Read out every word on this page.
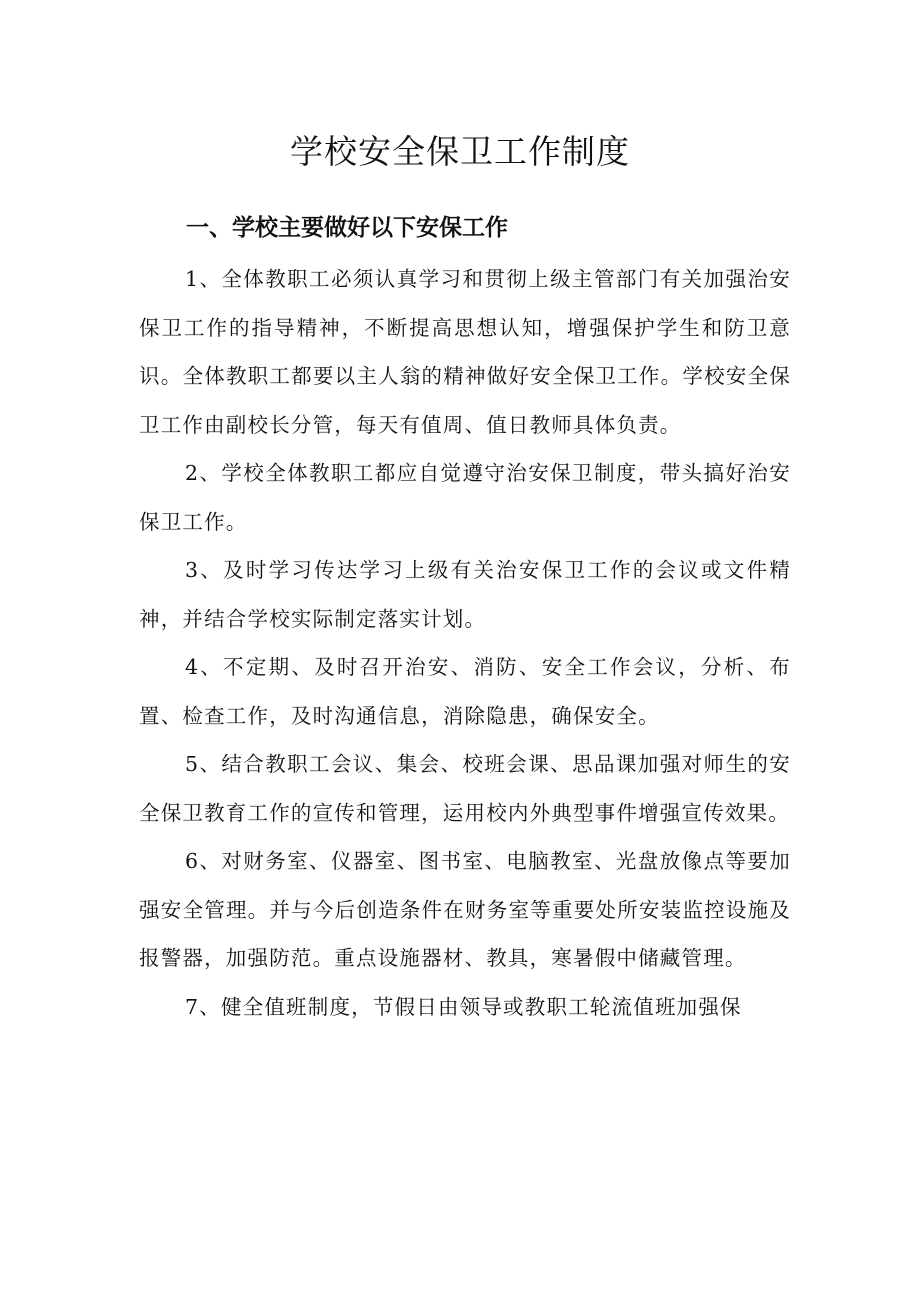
学校安全保卫工作制度
一、学校主要做好以下安保工作

1、全体教职工必须认真学习和贯彻上级主管部门有关加强治安保卫工作的指导精神，不断提高思想认知，增强保护学生和防卫意识。全体教职工都要以主人翁的精神做好安全保卫工作。学校安全保卫工作由副校长分管，每天有值周、值日教师具体负责。

2、学校全体教职工都应自觉遵守治安保卫制度，带头搞好治安保卫工作。

3、及时学习传达学习上级有关治安保卫工作的会议或文件精神，并结合学校实际制定落实计划。

4、不定期、及时召开治安、消防、安全工作会议，分析、布置、检查工作，及时沟通信息，消除隐患，确保安全。

5、结合教职工会议、集会、校班会课、思品课加强对师生的安全保卫教育工作的宣传和管理，运用校内外典型事件增强宣传效果。

6、对财务室、仪器室、图书室、电脑教室、光盘放像点等要加强安全管理。并与今后创造条件在财务室等重要处所安装监控设施及报警器，加强防范。重点设施器材、教具，寒暑假中储藏管理。

7、健全值班制度，节假日由领导或教职工轮流值班加强保
